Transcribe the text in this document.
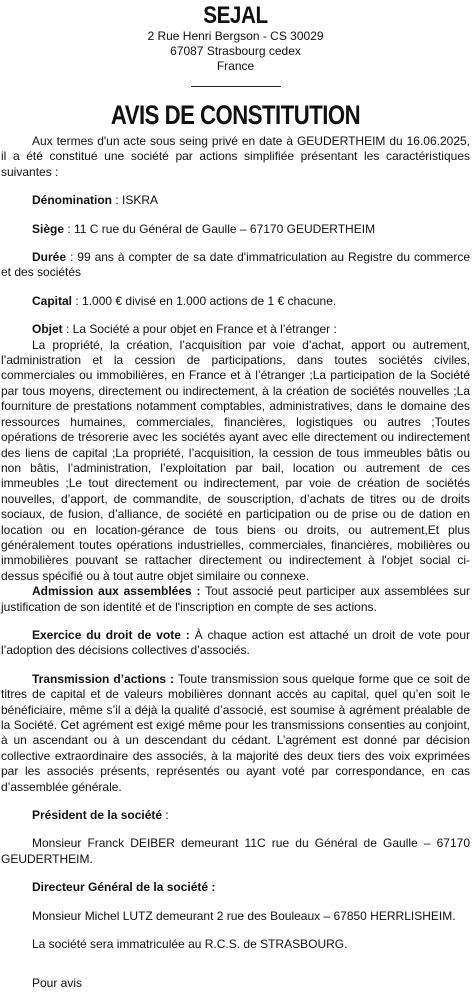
SEJAL
2 Rue Henri Bergson - CS 30029
67087 Strasbourg cedex
France
AVIS DE CONSTITUTION

Aux termes d'un acte sous seing privé en date à GEUDERTHEIM du 16.06.2025, il a été constitué une société par actions simplifiée présentant les caractéristiques suivantes :

Dénomination : ISKRA

Siège : 11 C rue du Général de Gaulle – 67170 GEUDERTHEIM

Durée : 99 ans à compter de sa date d'immatriculation au Registre du commerce et des sociétés

Capital : 1.000 € divisé en 1.000 actions de 1 € chacune.

Objet : La Société a pour objet en France et à l’étranger :

La propriété, la création, l’acquisition par voie d’achat, apport ou autrement, l’administration et la cession de participations, dans toutes sociétés civiles, commerciales ou immobilières, en France et à l’étranger ;La participation de la Société par tous moyens, directement ou indirectement, à la création de sociétés nouvelles ;La fourniture de prestations notamment comptables, administratives, dans le domaine des ressources humaines, commerciales, financières, logistiques ou autres ;Toutes opérations de trésorerie avec les sociétés ayant avec elle directement ou indirectement des liens de capital ;La propriété, l’acquisition, la cession de tous immeubles bâtis ou non bâtis, l’administration, l’exploitation par bail, location ou autrement de ces immeubles ;Le tout directement ou indirectement, par voie de création de sociétés nouvelles, d’apport, de commandite, de souscription, d’achats de titres ou de droits sociaux, de fusion, d’alliance, de société en participation ou de prise ou de dation en location ou en location-gérance de tous biens ou droits, ou autrement,Et plus généralement toutes opérations industrielles, commerciales, financières, mobilières ou immobilières pouvant se rattacher directement ou indirectement à l'objet social ci-dessus spécifié ou à tout autre objet similaire ou connexe.

Admission aux assemblées : Tout associé peut participer aux assemblées sur justification de son identité et de l'inscription en compte de ses actions.

Exercice du droit de vote : À chaque action est attaché un droit de vote pour l’adoption des décisions collectives d’associés.

Transmission d’actions : Toute transmission sous quelque forme que ce soit de titres de capital et de valeurs mobilières donnant accès au capital, quel qu’en soit le bénéficiaire, même s’il a déjà la qualité d’associé, est soumise à agrément préalable de la Société. Cet agrément est exigé même pour les transmissions consenties au conjoint, à un ascendant ou à un descendant du cédant. L’agrément est donné par décision collective extraordinaire des associés, à la majorité des deux tiers des voix exprimées par les associés présents, représentés ou ayant voté par correspondance, en cas d’assemblée générale.

Président de la société :

Monsieur Franck DEIBER demeurant 11C rue du Général de Gaulle – 67170 GEUDERTHEIM.

Directeur Général de la société :

Monsieur Michel LUTZ demeurant 2 rue des Bouleaux – 67850 HERRLISHEIM.

La société sera immatriculée au R.C.S. de STRASBOURG.

Pour avis
